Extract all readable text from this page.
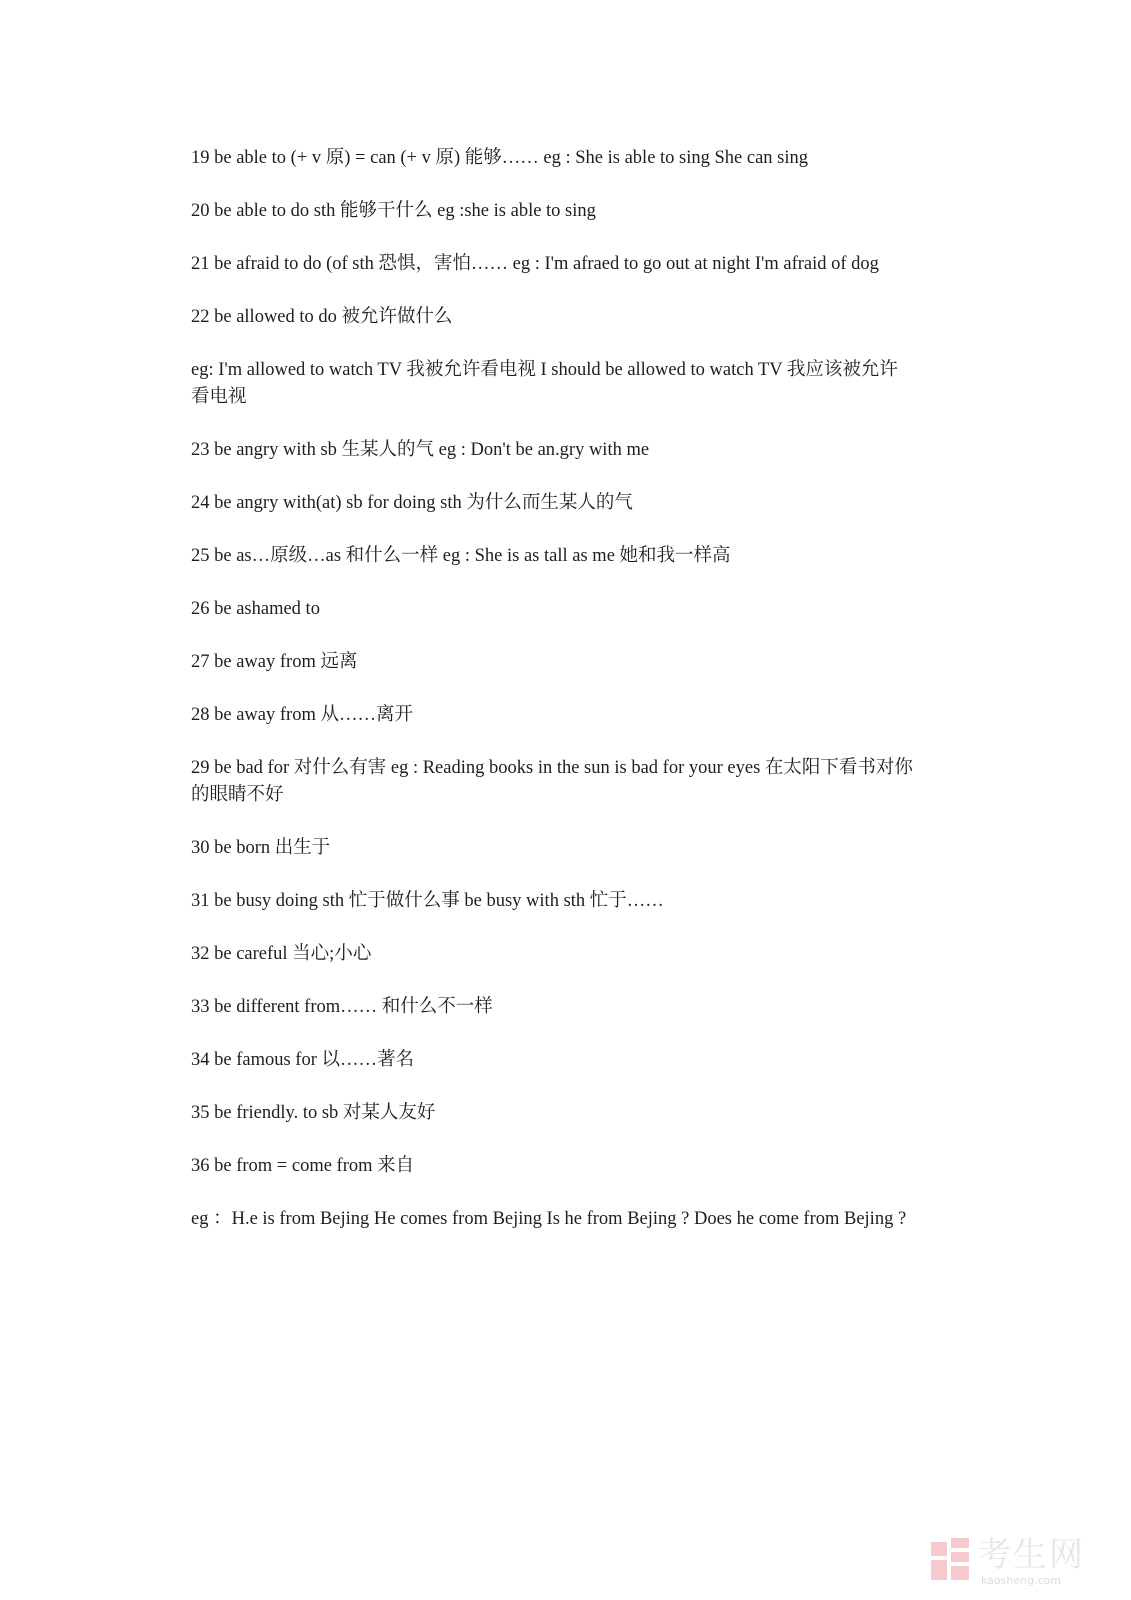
19 be able to (+ v 原) = can (+ v 原) 能够…… eg : She is able to sing She can sing

20 be able to do sth 能够干什么 eg :she is able to sing

21 be afraid to do (of sth 恐惧，害怕…… eg : I'm afraed to go out at night I'm afraid of dog

22 be allowed to do 被允许做什么

eg: I'm allowed to watch TV 我被允许看电视 I should be allowed to watch TV 我应该被允许看电视

23 be angry with sb 生某人的气 eg : Don't be an.gry with me

24 be angry with(at) sb for doing sth 为什么而生某人的气

25 be as…原级…as 和什么一样 eg : She is as tall as me 她和我一样高

26 be ashamed to

27 be away from 远离

28 be away from 从……离开

29 be bad for 对什么有害 eg : Reading books in the sun is bad for your eyes 在太阳下看书对你的眼睛不好

30 be born 出生于

31 be busy doing sth 忙于做什么事 be busy with sth 忙于……

32 be careful 当心;小心

33 be different from…… 和什么不一样

34 be famous for 以……著名

35 be friendly. to sb 对某人友好

36 be from = come from 来自

eg ：H.e is from Bejing He comes from Bejing Is he from Bejing ? Does he come from Bejing ?

考生网
kaosheng.com
